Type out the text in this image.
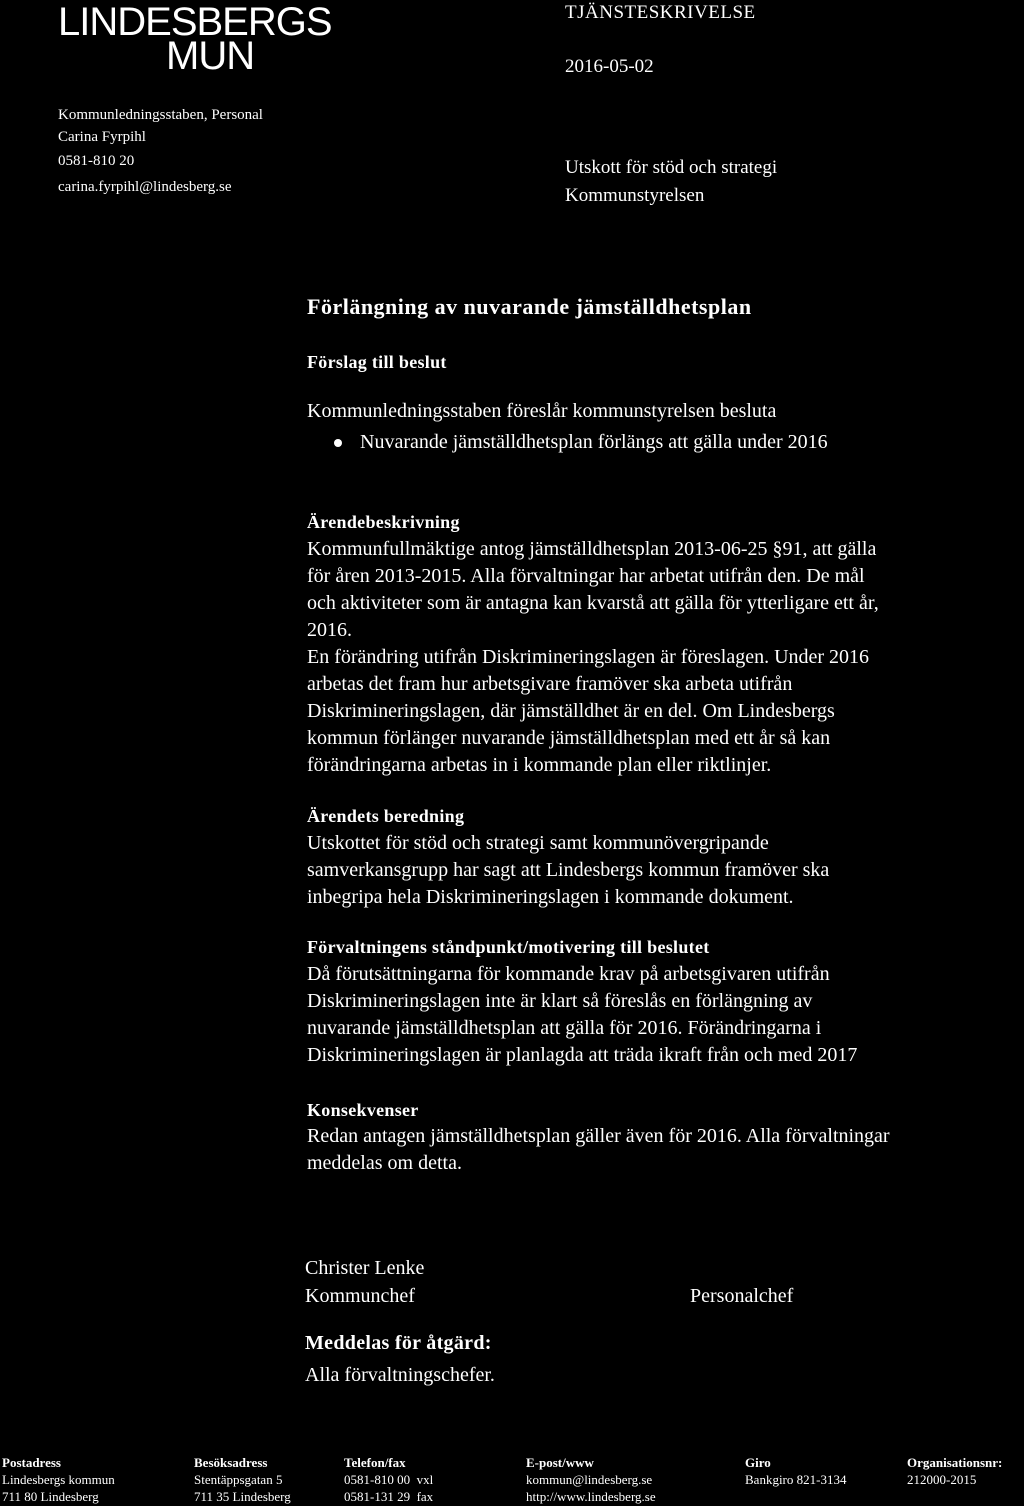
LINDESBERGS
MUN
TJÄNSTESKRIVELSE
2016-05-02
Kommunledningsstaben, Personal
Carina Fyrpihl
0581-810 20
carina.fyrpihl@lindesberg.se
Utskott för stöd och strategi
Kommunstyrelsen
Förlängning av nuvarande jämställdhetsplan
Förslag till beslut
Kommunledningsstaben föreslår kommunstyrelsen besluta
Nuvarande jämställdhetsplan förlängs att gälla under 2016
Ärendebeskrivning
Kommunfullmäktige antog jämställdhetsplan 2013-06-25 §91, att gälla
för åren 2013-2015. Alla förvaltningar har arbetat utifrån den. De mål
och aktiviteter som är antagna kan kvarstå att gälla för ytterligare ett år,
2016.
En förändring utifrån Diskrimineringslagen är föreslagen. Under 2016
arbetas det fram hur arbetsgivare framöver ska arbeta utifrån
Diskrimineringslagen, där jämställdhet är en del. Om Lindesbergs
kommun förlänger nuvarande jämställdhetsplan med ett år så kan
förändringarna arbetas in i kommande plan eller riktlinjer.
Ärendets beredning
Utskottet för stöd och strategi samt kommunövergripande
samverkansgrupp har sagt att Lindesbergs kommun framöver ska
inbegripa hela Diskrimineringslagen i kommande dokument.
Förvaltningens ståndpunkt/motivering till beslutet
Då förutsättningarna för kommande krav på arbetsgivaren utifrån
Diskrimineringslagen inte är klart så föreslås en förlängning av
nuvarande jämställdhetsplan att gälla för 2016. Förändringarna i
Diskrimineringslagen är planlagda att träda ikraft från och med 2017
Konsekvenser
Redan antagen jämställdhetsplan gäller även för 2016. Alla förvaltningar
meddelas om detta.
Christer Lenke
Kommunchef	Personalchef
Meddelas för åtgärd:
Alla förvaltningschefer.
Postadress
Lindesbergs kommun
711 80 Lindesberg
Besöksadress
Stentäppsgatan 5
711 35 Lindesberg
Telefon/fax
0581-810 00  vxl
0581-131 29  fax
E-post/www
kommun@lindesberg.se
http://www.lindesberg.se
Giro
Bankgiro 821-3134
Organisationsnr:
212000-2015
